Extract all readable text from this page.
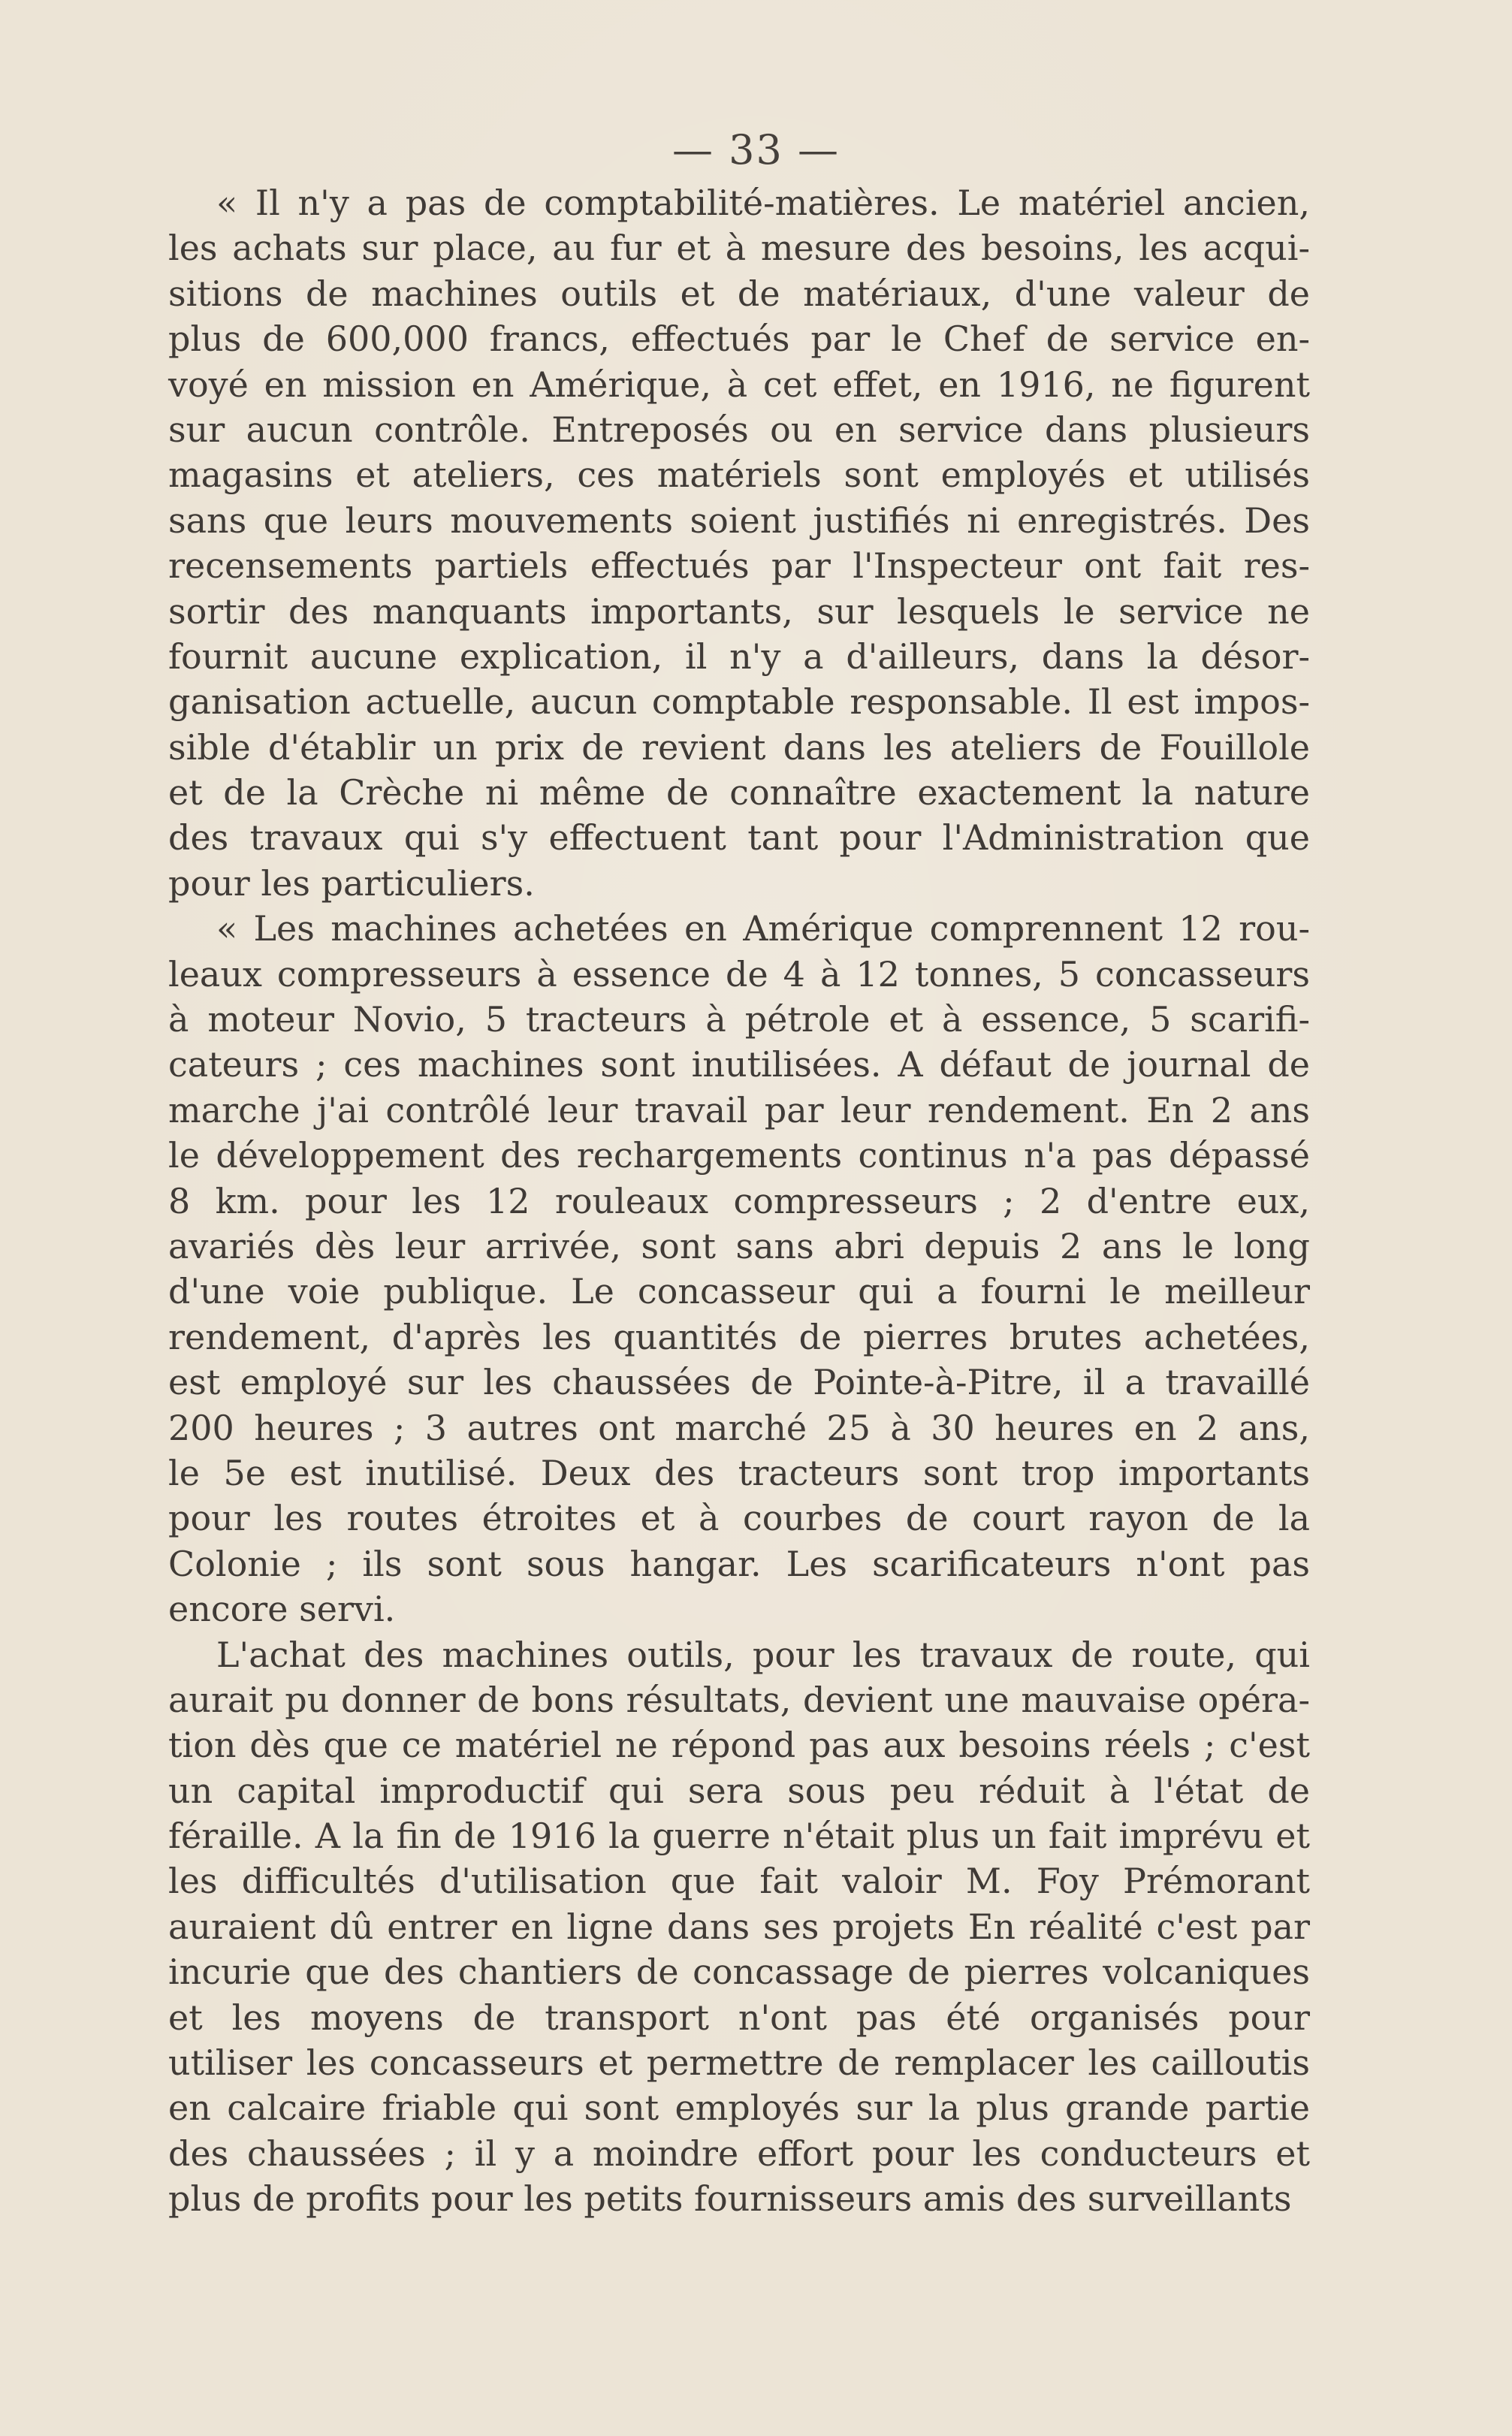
— 33 —
« Il n'y a pas de comptabilité-matières. Le matériel ancien,
les achats sur place, au fur et à mesure des besoins, les acqui-
sitions de machines outils et de matériaux, d'une valeur de
plus de 600,000 francs, effectués par le Chef de service en-
voyé en mission en Amérique, à cet effet, en 1916, ne figurent
sur aucun contrôle. Entreposés ou en service dans plusieurs
magasins et ateliers, ces matériels sont employés et utilisés
sans que leurs mouvements soient justifiés ni enregistrés. Des
recensements partiels effectués par l'Inspecteur ont fait res-
sortir des manquants importants, sur lesquels le service ne
fournit aucune explication, il n'y a d'ailleurs, dans la désor-
ganisation actuelle, aucun comptable responsable. Il est impos-
sible d'établir un prix de revient dans les ateliers de Fouillole
et de la Crèche ni même de connaître exactement la nature
des travaux qui s'y effectuent tant pour l'Administration que
pour les particuliers.
« Les machines achetées en Amérique comprennent 12 rou-
leaux compresseurs à essence de 4 à 12 tonnes, 5 concasseurs
à moteur Novio, 5 tracteurs à pétrole et à essence, 5 scarifi-
cateurs ; ces machines sont inutilisées. A défaut de journal de
marche j'ai contrôlé leur travail par leur rendement. En 2 ans
le développement des rechargements continus n'a pas dépassé
8 km. pour les 12 rouleaux compresseurs ; 2 d'entre eux,
avariés dès leur arrivée, sont sans abri depuis 2 ans le long
d'une voie publique. Le concasseur qui a fourni le meilleur
rendement, d'après les quantités de pierres brutes achetées,
est employé sur les chaussées de Pointe-à-Pitre, il a travaillé
200 heures ; 3 autres ont marché 25 à 30 heures en 2 ans,
le 5e est inutilisé. Deux des tracteurs sont trop importants
pour les routes étroites et à courbes de court rayon de la
Colonie ; ils sont sous hangar. Les scarificateurs n'ont pas
encore servi.
L'achat des machines outils, pour les travaux de route, qui
aurait pu donner de bons résultats, devient une mauvaise opéra-
tion dès que ce matériel ne répond pas aux besoins réels ; c'est
un capital improductif qui sera sous peu réduit à l'état de
féraille. A la fin de 1916 la guerre n'était plus un fait imprévu et
les difficultés d'utilisation que fait valoir M. Foy Prémorant
auraient dû entrer en ligne dans ses projets En réalité c'est par
incurie que des chantiers de concassage de pierres volcaniques
et les moyens de transport n'ont pas été organisés pour
utiliser les concasseurs et permettre de remplacer les cailloutis
en calcaire friable qui sont employés sur la plus grande partie
des chaussées ; il y a moindre effort pour les conducteurs et
plus de profits pour les petits fournisseurs amis des surveillants
